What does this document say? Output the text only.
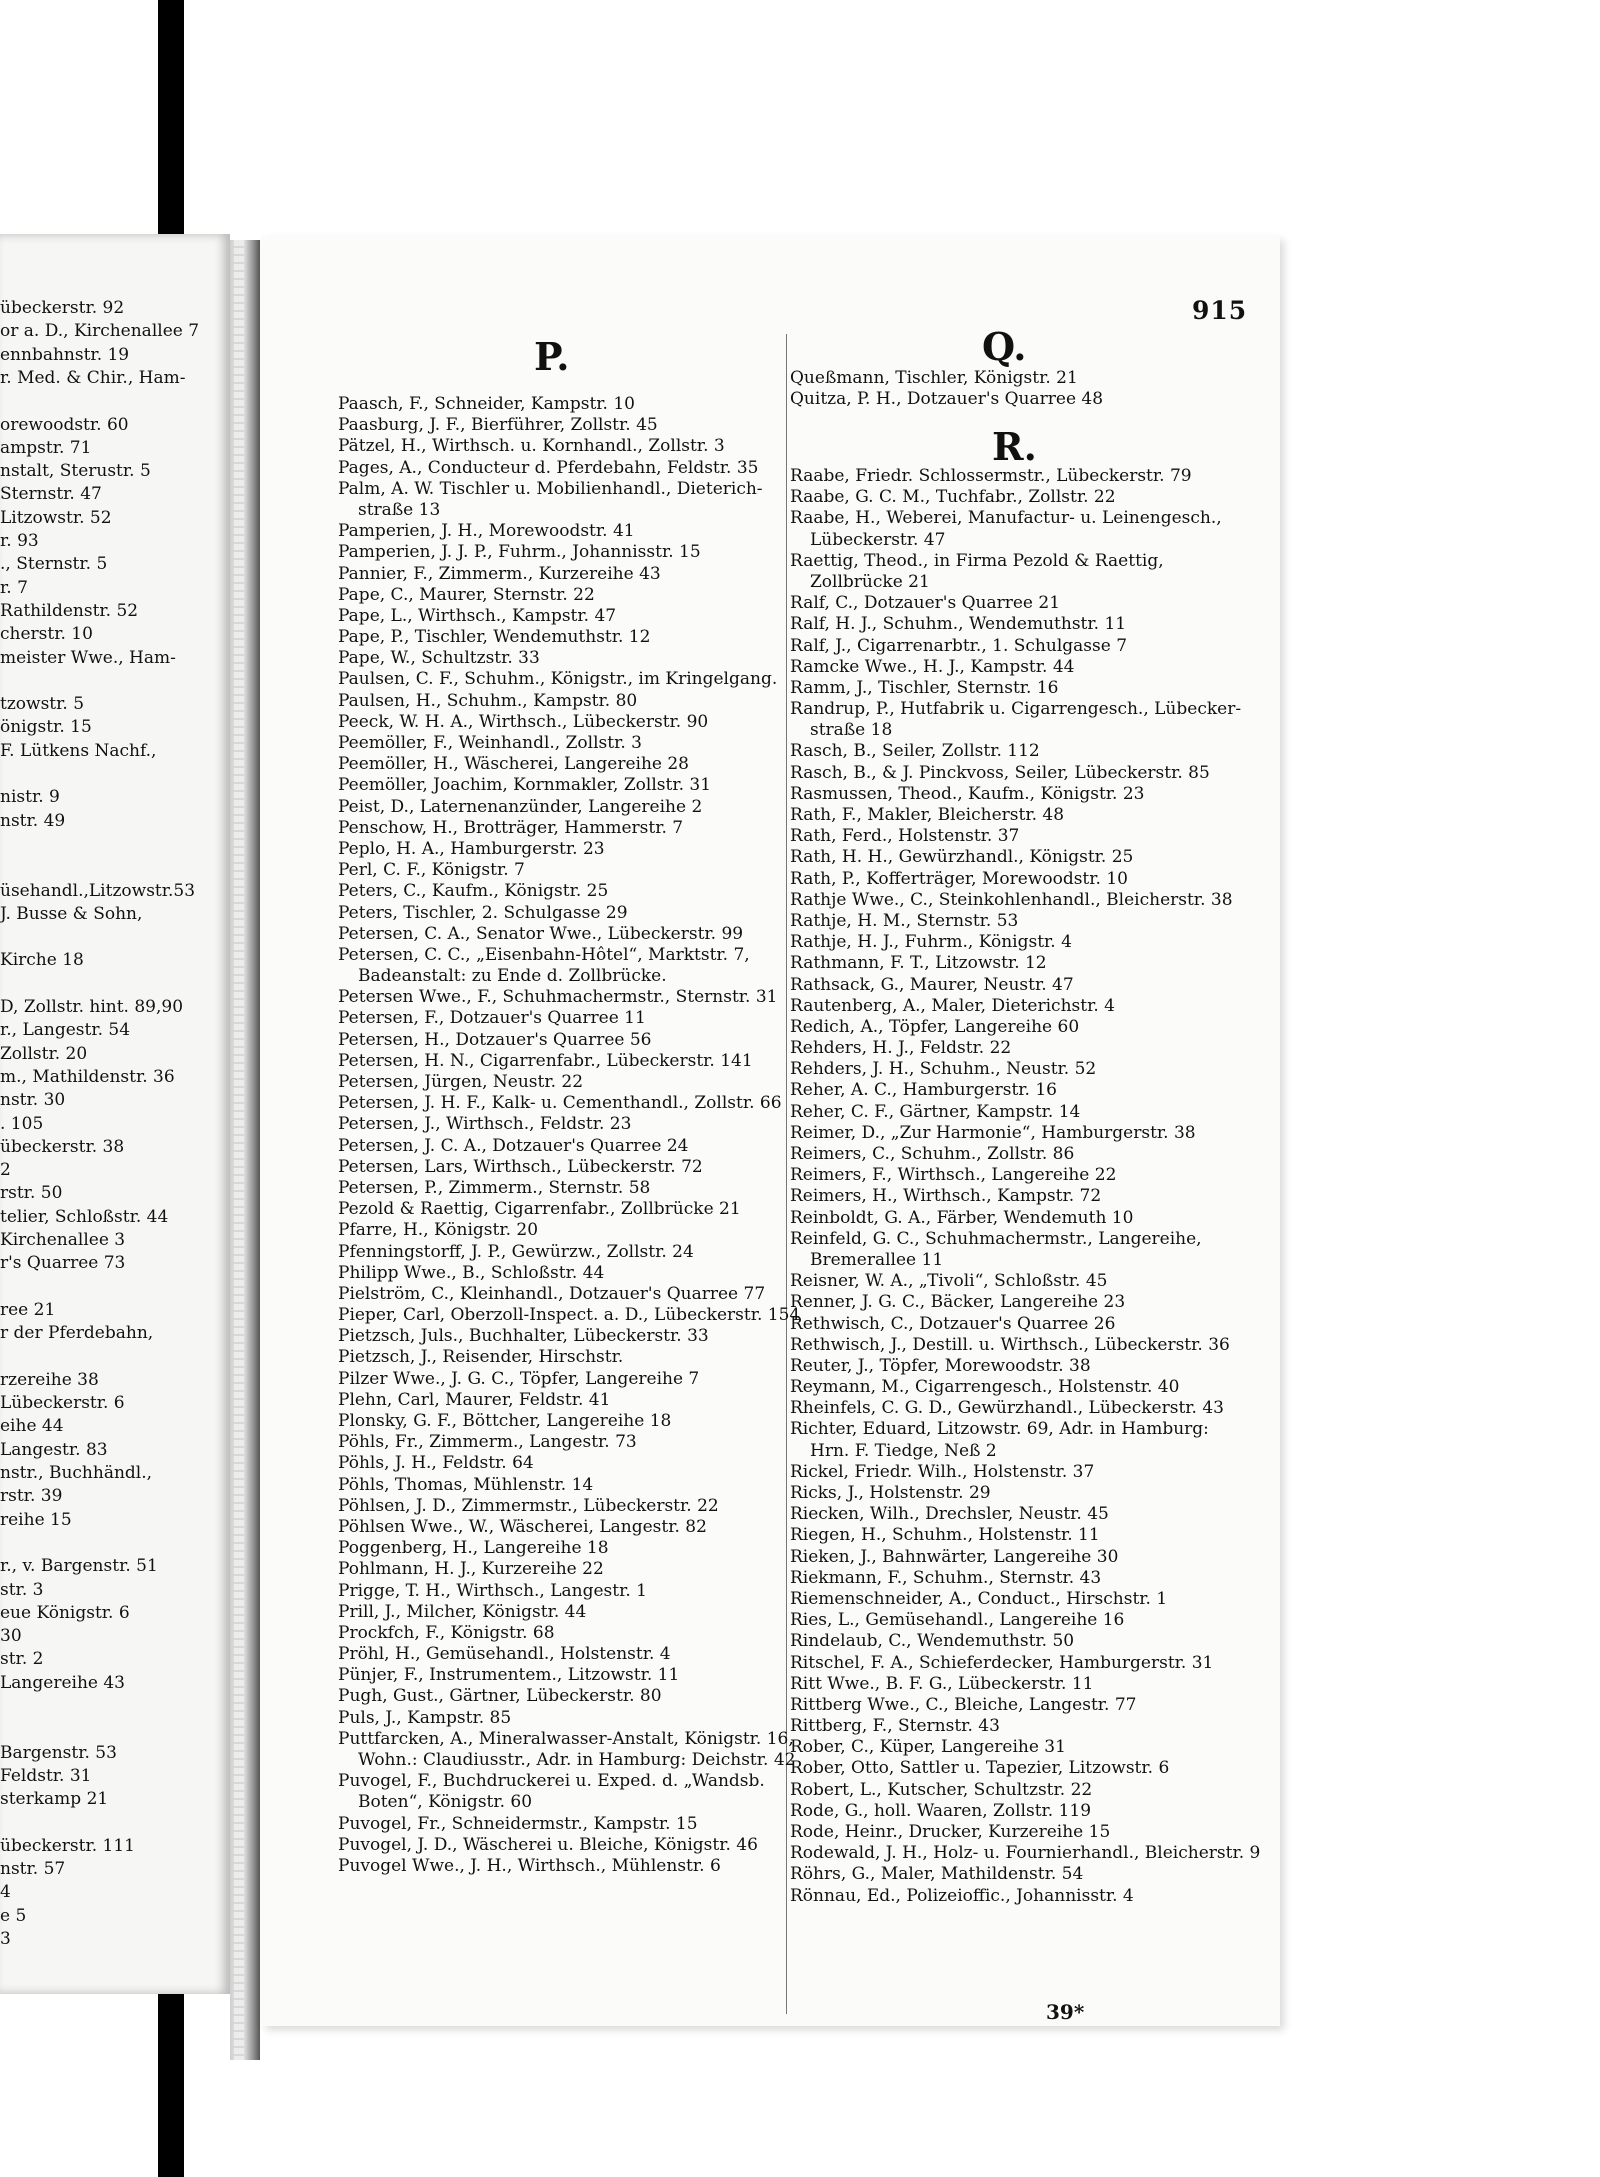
übeckerstr. 92
or a. D., Kirchenallee 7
ennbahnstr. 19
r. Med. & Chir., Ham-
orewoodstr. 60
ampstr. 71
nstalt, Sterustr. 5
Sternstr. 47
Litzowstr. 52
r. 93
., Sternstr. 5
r. 7
Rathildenstr. 52
cherstr. 10
meister Wwe., Ham-
tzowstr. 5
önigstr. 15
F. Lütkens Nachf.,
nistr. 9
nstr. 49
üsehandl.,Litzowstr.53
J. Busse & Sohn,
Kirche 18
D, Zollstr. hint. 89,90
r., Langestr. 54
Zollstr. 20
m., Mathildenstr. 36
nstr. 30
. 105
übeckerstr. 38
2
rstr. 50
telier, Schloßstr. 44
Kirchenallee 3
r's Quarree 73
ree 21
r der Pferdebahn,
rzereihe 38
Lübeckerstr. 6
eihe 44
Langestr. 83
nstr., Buchhändl.,
rstr. 39
reihe 15
r., v. Bargenstr. 51
str. 3
eue Königstr. 6
30
str. 2
Langereihe 43
Bargenstr. 53
Feldstr. 31
sterkamp 21
übeckerstr. 111
nstr. 57
4
e 5
3
915
P.	Q.
Paasch, F., Schneider, Kampstr. 10
Paasburg, J. F., Bierführer, Zollstr. 45
Pätzel, H., Wirthsch. u. Kornhandl., Zollstr. 3
Pages, A., Conducteur d. Pferdebahn, Feldstr. 35
Palm, A. W. Tischler u. Mobilienhandl., Dieterich-
straße 13
Pamperien, J. H., Morewoodstr. 41
Pamperien, J. J. P., Fuhrm., Johannisstr. 15
Pannier, F., Zimmerm., Kurzereihe 43
Pape, C., Maurer, Sternstr. 22
Pape, L., Wirthsch., Kampstr. 47
Pape, P., Tischler, Wendemuthstr. 12
Pape, W., Schultzstr. 33
Paulsen, C. F., Schuhm., Königstr., im Kringelgang.
Paulsen, H., Schuhm., Kampstr. 80
Peeck, W. H. A., Wirthsch., Lübeckerstr. 90
Peemöller, F., Weinhandl., Zollstr. 3
Peemöller, H., Wäscherei, Langereihe 28
Peemöller, Joachim, Kornmakler, Zollstr. 31
Peist, D., Laternenanzünder, Langereihe 2
Penschow, H., Brotträger, Hammerstr. 7
Peplo, H. A., Hamburgerstr. 23
Perl, C. F., Königstr. 7
Peters, C., Kaufm., Königstr. 25
Peters, Tischler, 2. Schulgasse 29
Petersen, C. A., Senator Wwe., Lübeckerstr. 99
Petersen, C. C., „Eisenbahn-Hôtel“, Marktstr. 7,
Badeanstalt: zu Ende d. Zollbrücke.
Petersen Wwe., F., Schuhmachermstr., Sternstr. 31
Petersen, F., Dotzauer's Quarree 11
Petersen, H., Dotzauer's Quarree 56
Petersen, H. N., Cigarrenfabr., Lübeckerstr. 141
Petersen, Jürgen, Neustr. 22
Petersen, J. H. F., Kalk- u. Cementhandl., Zollstr. 66
Petersen, J., Wirthsch., Feldstr. 23
Petersen, J. C. A., Dotzauer's Quarree 24
Petersen, Lars, Wirthsch., Lübeckerstr. 72
Petersen, P., Zimmerm., Sternstr. 58
Pezold & Raettig, Cigarrenfabr., Zollbrücke 21
Pfarre, H., Königstr. 20
Pfenningstorff, J. P., Gewürzw., Zollstr. 24
Philipp Wwe., B., Schloßstr. 44
Pielström, C., Kleinhandl., Dotzauer's Quarree 77
Pieper, Carl, Oberzoll-Inspect. a. D., Lübeckerstr. 154
Pietzsch, Juls., Buchhalter, Lübeckerstr. 33
Pietzsch, J., Reisender, Hirschstr.
Pilzer Wwe., J. G. C., Töpfer, Langereihe 7
Plehn, Carl, Maurer, Feldstr. 41
Plonsky, G. F., Böttcher, Langereihe 18
Pöhls, Fr., Zimmerm., Langestr. 73
Pöhls, J. H., Feldstr. 64
Pöhls, Thomas, Mühlenstr. 14
Pöhlsen, J. D., Zimmermstr., Lübeckerstr. 22
Pöhlsen Wwe., W., Wäscherei, Langestr. 82
Poggenberg, H., Langereihe 18
Pohlmann, H. J., Kurzereihe 22
Prigge, T. H., Wirthsch., Langestr. 1
Prill, J., Milcher, Königstr. 44
Prockfch, F., Königstr. 68
Pröhl, H., Gemüsehandl., Holstenstr. 4
Pünjer, F., Instrumentem., Litzowstr. 11
Pugh, Gust., Gärtner, Lübeckerstr. 80
Puls, J., Kampstr. 85
Puttfarcken, A., Mineralwasser-Anstalt, Königstr. 16,
Wohn.: Claudiusstr., Adr. in Hamburg: Deichstr. 42
Puvogel, F., Buchdruckerei u. Exped. d. „Wandsb.
Boten“, Königstr. 60
Puvogel, Fr., Schneidermstr., Kampstr. 15
Puvogel, J. D., Wäscherei u. Bleiche, Königstr. 46
Puvogel Wwe., J. H., Wirthsch., Mühlenstr. 6
Queßmann, Tischler, Königstr. 21
Quitza, P. H., Dotzauer's Quarree 48
R.
Raabe, Friedr. Schlossermstr., Lübeckerstr. 79
Raabe, G. C. M., Tuchfabr., Zollstr. 22
Raabe, H., Weberei, Manufactur- u. Leinengesch.,
Lübeckerstr. 47
Raettig, Theod., in Firma Pezold & Raettig,
Zollbrücke 21
Ralf, C., Dotzauer's Quarree 21
Ralf, H. J., Schuhm., Wendemuthstr. 11
Ralf, J., Cigarrenarbtr., 1. Schulgasse 7
Ramcke Wwe., H. J., Kampstr. 44
Ramm, J., Tischler, Sternstr. 16
Randrup, P., Hutfabrik u. Cigarrengesch., Lübecker-
straße 18
Rasch, B., Seiler, Zollstr. 112
Rasch, B., & J. Pinckvoss, Seiler, Lübeckerstr. 85
Rasmussen, Theod., Kaufm., Königstr. 23
Rath, F., Makler, Bleicherstr. 48
Rath, Ferd., Holstenstr. 37
Rath, H. H., Gewürzhandl., Königstr. 25
Rath, P., Kofferträger, Morewoodstr. 10
Rathje Wwe., C., Steinkohlenhandl., Bleicherstr. 38
Rathje, H. M., Sternstr. 53
Rathje, H. J., Fuhrm., Königstr. 4
Rathmann, F. T., Litzowstr. 12
Rathsack, G., Maurer, Neustr. 47
Rautenberg, A., Maler, Dieterichstr. 4
Redich, A., Töpfer, Langereihe 60
Rehders, H. J., Feldstr. 22
Rehders, J. H., Schuhm., Neustr. 52
Reher, A. C., Hamburgerstr. 16
Reher, C. F., Gärtner, Kampstr. 14
Reimer, D., „Zur Harmonie“, Hamburgerstr. 38
Reimers, C., Schuhm., Zollstr. 86
Reimers, F., Wirthsch., Langereihe 22
Reimers, H., Wirthsch., Kampstr. 72
Reinboldt, G. A., Färber, Wendemuth 10
Reinfeld, G. C., Schuhmachermstr., Langereihe,
Bremerallee 11
Reisner, W. A., „Tivoli“, Schloßstr. 45
Renner, J. G. C., Bäcker, Langereihe 23
Rethwisch, C., Dotzauer's Quarree 26
Rethwisch, J., Destill. u. Wirthsch., Lübeckerstr. 36
Reuter, J., Töpfer, Morewoodstr. 38
Reymann, M., Cigarrengesch., Holstenstr. 40
Rheinfels, C. G. D., Gewürzhandl., Lübeckerstr. 43
Richter, Eduard, Litzowstr. 69, Adr. in Hamburg:
Hrn. F. Tiedge, Neß 2
Rickel, Friedr. Wilh., Holstenstr. 37
Ricks, J., Holstenstr. 29
Riecken, Wilh., Drechsler, Neustr. 45
Riegen, H., Schuhm., Holstenstr. 11
Rieken, J., Bahnwärter, Langereihe 30
Riekmann, F., Schuhm., Sternstr. 43
Riemenschneider, A., Conduct., Hirschstr. 1
Ries, L., Gemüsehandl., Langereihe 16
Rindelaub, C., Wendemuthstr. 50
Ritschel, F. A., Schieferdecker, Hamburgerstr. 31
Ritt Wwe., B. F. G., Lübeckerstr. 11
Rittberg Wwe., C., Bleiche, Langestr. 77
Rittberg, F., Sternstr. 43
Rober, C., Küper, Langereihe 31
Rober, Otto, Sattler u. Tapezier, Litzowstr. 6
Robert, L., Kutscher, Schultzstr. 22
Rode, G., holl. Waaren, Zollstr. 119
Rode, Heinr., Drucker, Kurzereihe 15
Rodewald, J. H., Holz- u. Fournierhandl., Bleicherstr. 9
Röhrs, G., Maler, Mathildenstr. 54
Rönnau, Ed., Polizeioffic., Johannisstr. 4
39*
